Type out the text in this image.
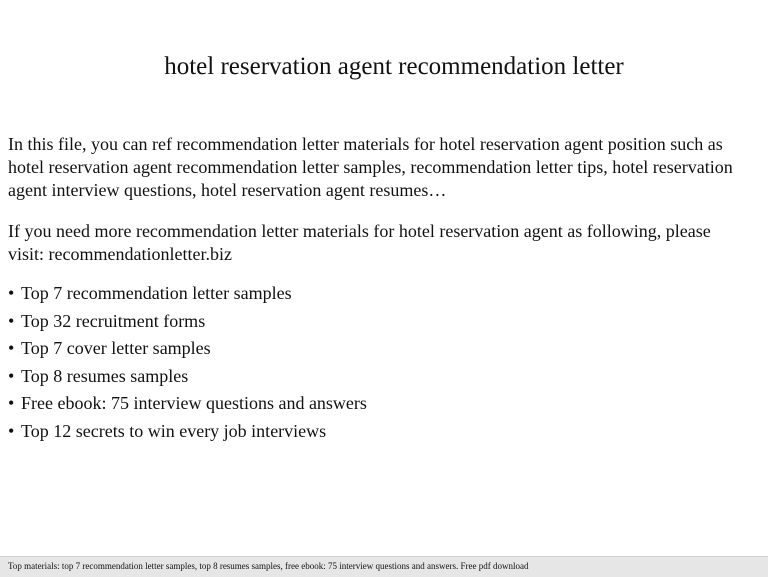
hotel reservation agent recommendation letter

In this file, you can ref recommendation letter materials for hotel reservation agent position such as hotel reservation agent recommendation letter samples, recommendation letter tips, hotel reservation agent interview questions, hotel reservation agent resumes…

If you need more recommendation letter materials for hotel reservation agent as following, please visit: recommendationletter.biz

• Top 7 recommendation letter samples
• Top 32 recruitment forms
• Top 7 cover letter samples
• Top 8 resumes samples
• Free ebook: 75 interview questions and answers
• Top 12 secrets to win every job interviews
Top materials: top 7 recommendation letter samples, top 8 resumes samples, free ebook: 75 interview questions and answers. Free pdf download
